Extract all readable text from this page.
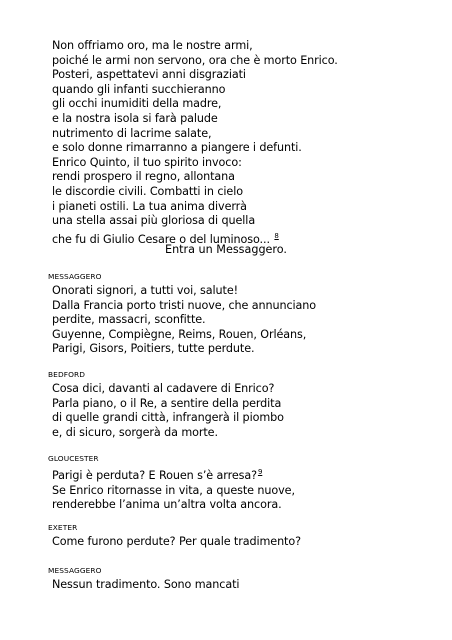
Non offriamo oro, ma le nostre armi,
poiché le armi non servono, ora che è morto Enrico.
Posteri, aspettatevi anni disgraziati
quando gli infanti succhieranno
gli occhi inumiditi della madre,
e la nostra isola si farà palude
nutrimento di lacrime salate,
e solo donne rimarranno a piangere i defunti.
Enrico Quinto, il tuo spirito invoco:
rendi prospero il regno, allontana
le discordie civili. Combatti in cielo
i pianeti ostili. La tua anima diverrà
una stella assai più gloriosa di quella
che fu di Giulio Cesare o del luminoso... $^8$
Entra un Messaggero.
MESSAGGERO
Onorati signori, a tutti voi, salute!
Dalla Francia porto tristi nuove, che annunciano
perdite, massacri, sconfitte.
Guyenne, Compiègne, Reims, Rouen, Orléans,
Parigi, Gisors, Poitiers, tutte perdute.
BEDFORD
Cosa dici, davanti al cadavere di Enrico?
Parla piano, o il Re, a sentire della perdita
di quelle grandi città, infrangerà il piombo
e, di sicuro, sorgerà da morte.
GLOUCESTER
Parigi è perduta? E Rouen s’è arresa?$^9$
Se Enrico ritornasse in vita, a queste nuove,
renderebbe l’anima un’altra volta ancora.
EXETER
Come furono perdute? Per quale tradimento?
MESSAGGERO
Nessun tradimento. Sono mancati
